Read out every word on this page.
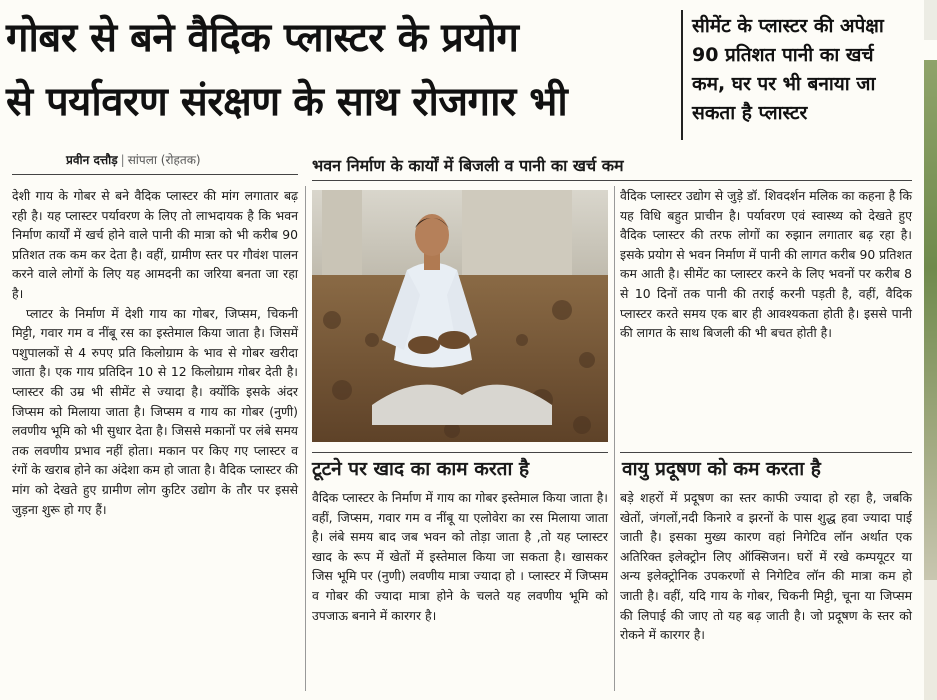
गोबर से बने वैदिक प्लास्टर के प्रयोग
से पर्यावरण संरक्षण के साथ रोजगार भी
सीमेंट के प्लास्टर की अपेक्षा
90 प्रतिशत पानी का खर्च
कम, घर पर भी बनाया जा
सकता है प्लास्टर
प्रवीन दत्तौड़ | सांपला (रोहतक)	भवन निर्माण के कार्यों में बिजली व पानी का खर्च कम

देशी गाय के गोबर से बने वैदिक प्लास्टर की मांग लगातार बढ़ रही है। यह प्लास्टर पर्यावरण के लिए तो लाभदायक है कि भवन निर्माण कार्यों में खर्च होने वाले पानी की मात्रा को भी करीब 90 प्रतिशत तक कम कर देता है। वहीं, ग्रामीण स्तर पर गौवंश पालन करने वाले लोगों के लिए यह आमदनी का जरिया बनता जा रहा है।

प्लाटर के निर्माण में देशी गाय का गोबर, जिप्सम, चिकनी मिट्टी, गवार गम व नींबू रस का इस्तेमाल किया जाता है। जिसमें पशुपालकों से 4 रुपए प्रति किलोग्राम के भाव से गोबर खरीदा जाता है। एक गाय प्रतिदिन 10 से 12 किलोग्राम गोबर देती है। प्लास्टर की उम्र भी सीमेंट से ज्यादा है। क्योंकि इसके अंदर जिप्सम को मिलाया जाता है। जिप्सम व गाय का गोबर (नुणी) लवणीय भूमि को भी सुधार देता है। जिससे मकानों पर लंबे समय तक लवणीय प्रभाव नहीं होता। मकान पर किए गए प्लास्टर व रंगों के खराब होने का अंदेशा कम हो जाता है। वैदिक प्लास्टर की मांग को देखते हुए ग्रामीण लोग कुटिर उद्योग के तौर पर इससे जुड़ना शुरू हो गए हैं।

वैदिक प्लास्टर उद्योग से जुड़े डॉ. शिवदर्शन मलिक का कहना है कि यह विधि बहुत प्राचीन है। पर्यावरण एवं स्वास्थ्य को देखते हुए वैदिक प्लास्टर की तरफ लोगों का रुझान लगातार बढ़ रहा है। इसके प्रयोग से भवन निर्माण में पानी की लागत करीब 90 प्रतिशत कम आती है। सीमेंट का प्लास्टर करने के लिए भवनों पर करीब 8 से 10 दिनों तक पानी की तराई करनी पड़ती है, वहीं, वैदिक प्लास्टर करते समय एक बार ही आवश्यकता होती है। इससे पानी की लागत के साथ बिजली की भी बचत होती है।

टूटने पर खाद का काम करता है	वायु प्रदूषण को कम करता है

वैदिक प्लास्टर के निर्माण में गाय का गोबर इस्तेमाल किया जाता है। वहीं, जिप्सम, गवार गम व नींबू या एलोवेरा का रस मिलाया जाता है। लंबे समय बाद जब भवन को तोड़ा जाता है ,तो यह प्लास्टर खाद के रूप में खेतों में इस्तेमाल किया जा सकता है। खासकर जिस भूमि पर (नुणी) लवणीय मात्रा ज्यादा हो । प्लास्टर में जिप्सम व गोबर की ज्यादा मात्रा होने के चलते यह लवणीय भूमि को उपजाऊ बनाने में कारगर है।

बड़े शहरों में प्रदूषण का स्तर काफी ज्यादा हो रहा है, जबकि खेतों, जंगलों,नदी किनारे व झरनों के पास शुद्ध हवा ज्यादा पाई जाती है। इसका मुख्य कारण वहां निगेटिव लॉन अर्थात एक अतिरिक्त इलेक्ट्रोन लिए ऑक्सिजन। घरों में रखे कम्पयूटर या अन्य इलेक्ट्रोनिक उपकरणों से निगेटिव लॉन की मात्रा कम हो जाती है। वहीं, यदि गाय के गोबर, चिकनी मिट्टी, चूना या जिप्सम की लिपाई की जाए तो यह बढ़ जाती है। जो प्रदूषण के स्तर को रोकने में कारगर है।
